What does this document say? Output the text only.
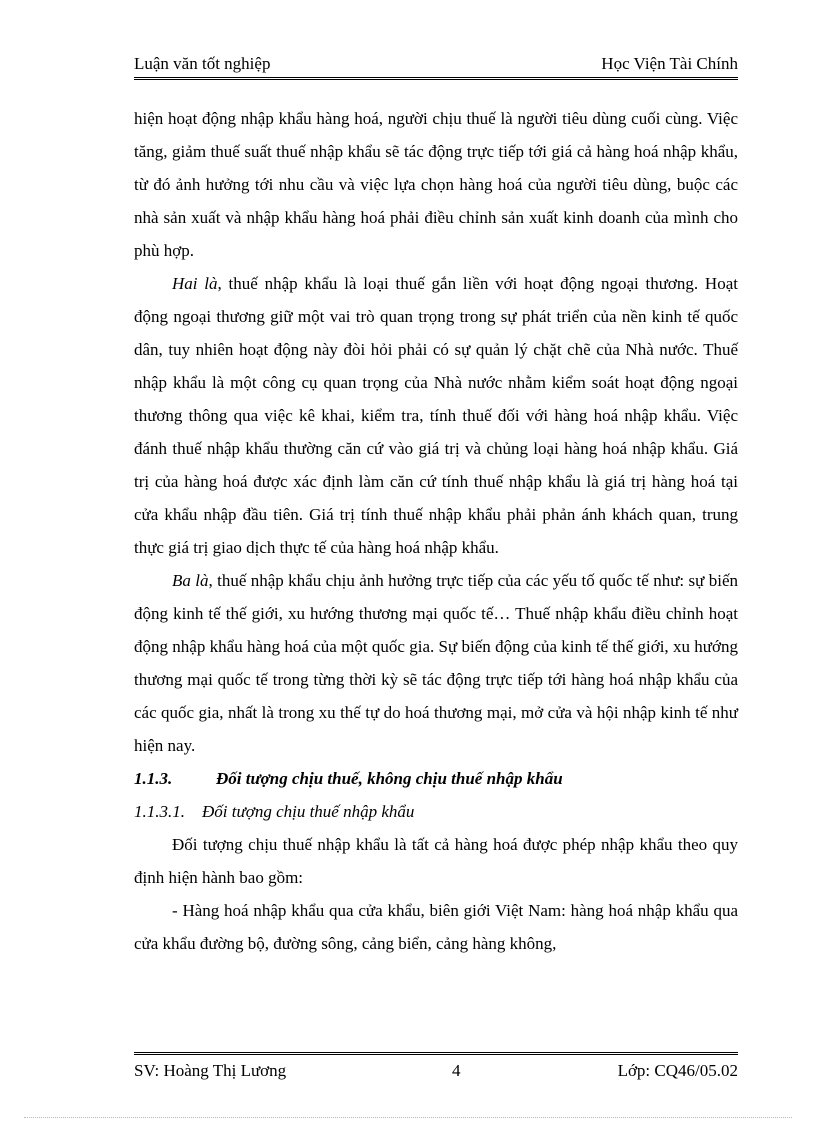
Luận văn tốt nghiệp	Học Viện Tài Chính

hiện hoạt động nhập khẩu hàng hoá, người chịu thuế là người tiêu dùng cuối cùng. Việc tăng, giảm thuế suất thuế nhập khẩu sẽ tác động trực tiếp tới giá cả hàng hoá nhập khẩu, từ đó ảnh hưởng tới nhu cầu và việc lựa chọn hàng hoá của người tiêu dùng, buộc các nhà sản xuất và nhập khẩu hàng hoá phải điều chỉnh sản xuất kinh doanh của mình cho phù hợp.

Hai là, thuế nhập khẩu là loại thuế gắn liền với hoạt động ngoại thương. Hoạt động ngoại thương giữ một vai trò quan trọng trong sự phát triển của nền kinh tế quốc dân, tuy nhiên hoạt động này đòi hỏi phải có sự quản lý chặt chẽ của Nhà nước. Thuế nhập khẩu là một công cụ quan trọng của Nhà nước nhằm kiểm soát hoạt động ngoại thương thông qua việc kê khai, kiểm tra, tính thuế đối với hàng hoá nhập khẩu. Việc đánh thuế nhập khẩu thường căn cứ vào giá trị và chủng loại hàng hoá nhập khẩu. Giá trị của hàng hoá được xác định làm căn cứ tính thuế nhập khẩu là giá trị hàng hoá tại cửa khẩu nhập đầu tiên. Giá trị tính thuế nhập khẩu phải phản ánh khách quan, trung thực giá trị giao dịch thực tế của hàng hoá nhập khẩu.

Ba là, thuế nhập khẩu chịu ảnh hưởng trực tiếp của các yếu tố quốc tế như: sự biến động kinh tế thế giới, xu hướng thương mại quốc tế… Thuế nhập khẩu điều chỉnh hoạt động nhập khẩu hàng hoá của một quốc gia. Sự biến động của kinh tế thế giới, xu hướng thương mại quốc tế trong từng thời kỳ sẽ tác động trực tiếp tới hàng hoá nhập khẩu của các quốc gia, nhất là trong xu thế tự do hoá thương mại, mở cửa và hội nhập kinh tế như hiện nay.

1.1.3.	Đối tượng chịu thuế, không chịu thuế nhập khẩu
1.1.3.1.	Đối tượng chịu thuế nhập khẩu

Đối tượng chịu thuế nhập khẩu là tất cả hàng hoá được phép nhập khẩu theo quy định hiện hành bao gồm:

- Hàng hoá nhập khẩu qua cửa khẩu, biên giới Việt Nam: hàng hoá nhập khẩu qua cửa khẩu đường bộ, đường sông, cảng biển, cảng hàng không,

SV: Hoàng Thị Lương	4	Lớp: CQ46/05.02
